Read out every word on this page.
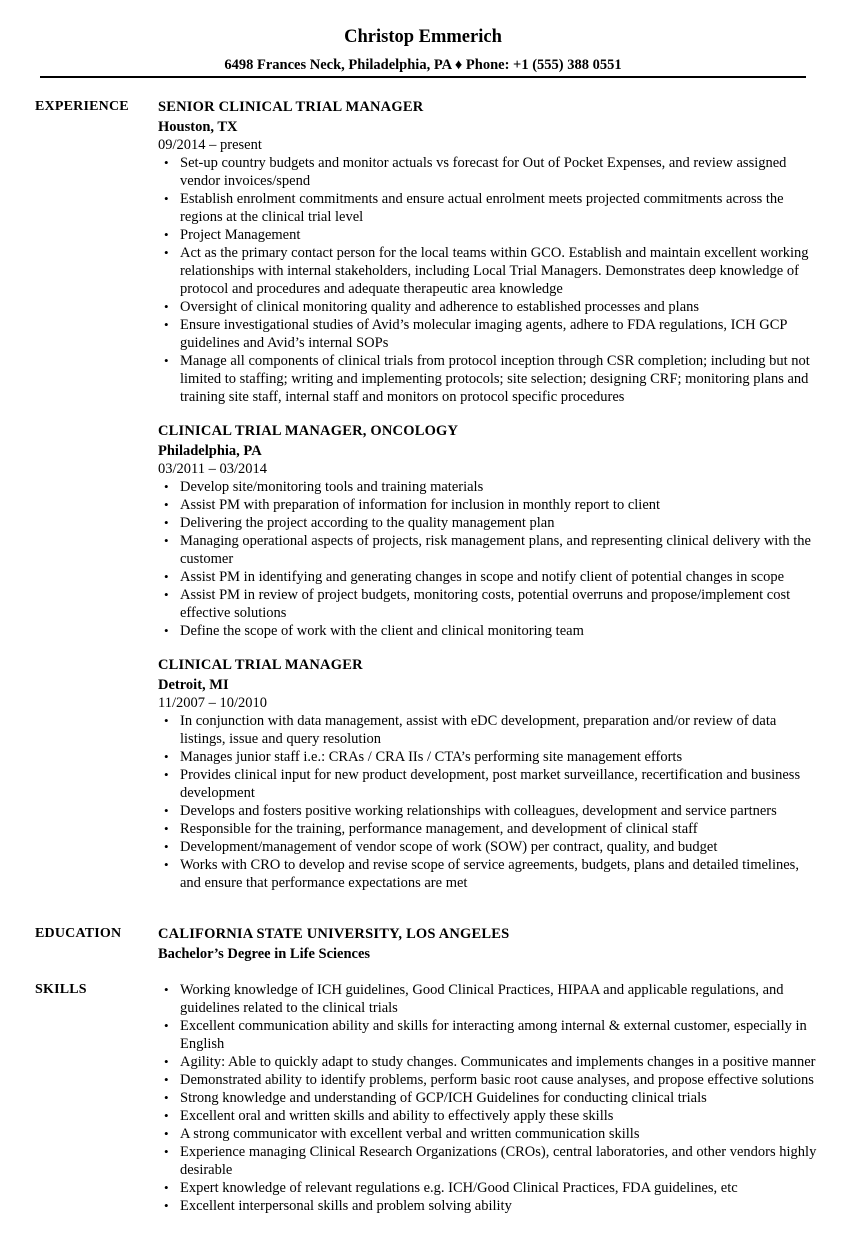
Christop Emmerich
6498 Frances Neck, Philadelphia, PA ♦ Phone: +1 (555) 388 0551
EXPERIENCE SENIOR CLINICAL TRIAL MANAGER
Houston, TX
09/2014 – present
• Set-up country budgets and monitor actuals vs forecast for Out of Pocket Expenses, and review assigned vendor invoices/spend
• Establish enrolment commitments and ensure actual enrolment meets projected commitments across the regions at the clinical trial level
• Project Management
• Act as the primary contact person for the local teams within GCO. Establish and maintain excellent working relationships with internal stakeholders, including Local Trial Managers. Demonstrates deep knowledge of protocol and procedures and adequate therapeutic area knowledge
• Oversight of clinical monitoring quality and adherence to established processes and plans
• Ensure investigational studies of Avid’s molecular imaging agents, adhere to FDA regulations, ICH GCP guidelines and Avid’s internal SOPs
• Manage all components of clinical trials from protocol inception through CSR completion; including but not limited to staffing; writing and implementing protocols; site selection; designing CRF; monitoring plans and training site staff, internal staff and monitors on protocol specific procedures
CLINICAL TRIAL MANAGER, ONCOLOGY
Philadelphia, PA
03/2011 – 03/2014
• Develop site/monitoring tools and training materials
• Assist PM with preparation of information for inclusion in monthly report to client
• Delivering the project according to the quality management plan
• Managing operational aspects of projects, risk management plans, and representing clinical delivery with the customer
• Assist PM in identifying and generating changes in scope and notify client of potential changes in scope
• Assist PM in review of project budgets, monitoring costs, potential overruns and propose/implement cost effective solutions
• Define the scope of work with the client and clinical monitoring team
CLINICAL TRIAL MANAGER
Detroit, MI
11/2007 – 10/2010
• In conjunction with data management, assist with eDC development, preparation and/or review of data listings, issue and query resolution
• Manages junior staff i.e.: CRAs / CRA IIs / CTA’s performing site management efforts
• Provides clinical input for new product development, post market surveillance, recertification and business development
• Develops and fosters positive working relationships with colleagues, development and service partners
• Responsible for the training, performance management, and development of clinical staff
• Development/management of vendor scope of work (SOW) per contract, quality, and budget
• Works with CRO to develop and revise scope of service agreements, budgets, plans and detailed timelines, and ensure that performance expectations are met
EDUCATION	CALIFORNIA STATE UNIVERSITY, LOS ANGELES
Bachelor’s Degree in Life Sciences
SKILLS
•	Working knowledge of ICH guidelines, Good Clinical Practices, HIPAA and applicable regulations, and guidelines related to the clinical trials
• Excellent communication ability and skills for interacting among internal & external customer, especially in English
• Agility: Able to quickly adapt to study changes. Communicates and implements changes in a positive manner
• Demonstrated ability to identify problems, perform basic root cause analyses, and propose effective solutions
• Strong knowledge and understanding of GCP/ICH Guidelines for conducting clinical trials
• Excellent oral and written skills and ability to effectively apply these skills
• A strong communicator with excellent verbal and written communication skills
• Experience managing Clinical Research Organizations (CROs), central laboratories, and other vendors highly desirable
• Expert knowledge of relevant regulations e.g. ICH/Good Clinical Practices, FDA guidelines, etc
• Excellent interpersonal skills and problem solving ability
